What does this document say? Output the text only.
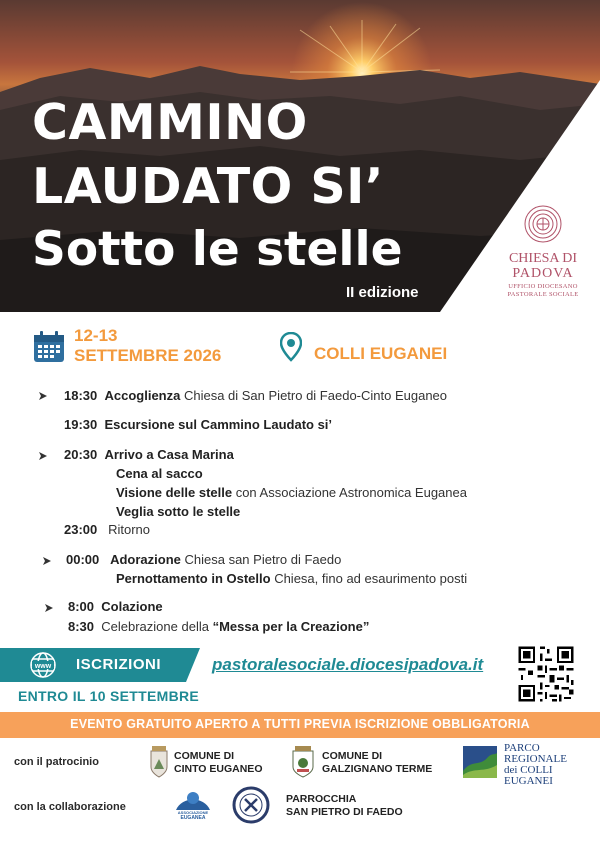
CAMMINO
LAUDATO SI’
Sotto le stelle
II edizione
CHIESA DI
PADOVA
UFFICIO DIOCESANO
PASTORALE SOCIALE
12-13
SETTEMBRE 2026	COLLI EUGANEI
18:30 Accoglienza Chiesa di San Pietro di Faedo-Cinto Euganeo
19:30 Escursione sul Cammino Laudato si’
20:30 Arrivo a Casa Marina
Cena al sacco
Visione delle stelle con Associazione Astronomica Euganea
Veglia sotto le stelle
23:00 Ritorno
00:00 Adorazione Chiesa san Pietro di Faedo
Pernottamento in Ostello Chiesa, fino ad esaurimento posti
8:00 Colazione
8:30 Celebrazione della “Messa per la Creazione”
www ISCRIZIONI
ENTRO IL 10 SETTEMBRE
pastoralesociale.diocesipadova.it
EVENTO GRATUITO APERTO A TUTTI PREVIA ISCRIZIONE OBBLIGATORIA
con il patrocinio
con la collaborazione
COMUNE DI
CINTO EUGANEO
COMUNE DI
GALZIGNANO TERME
PARCO
REGIONALE
dei COLLI
EUGANEI
ASSOCIAZIONE
EUGANEA
PARROCCHIA
SAN PIETRO DI FAEDO
